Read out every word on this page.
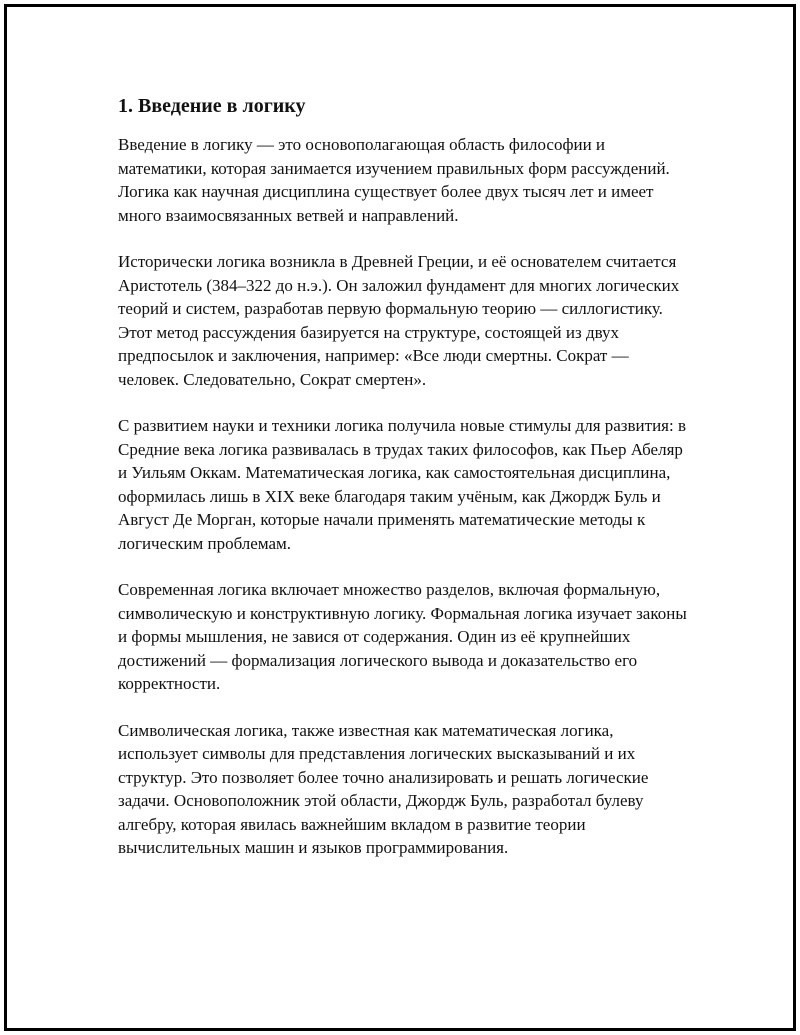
1. Введение в логику

Введение в логику — это основополагающая область философии и математики, которая занимается изучением правильных форм рассуждений. Логика как научная дисциплина существует более двух тысяч лет и имеет много взаимосвязанных ветвей и направлений.

Исторически логика возникла в Древней Греции, и её основателем считается Аристотель (384–322 до н.э.). Он заложил фундамент для многих логических теорий и систем, разработав первую формальную теорию — силлогистику. Этот метод рассуждения базируется на структуре, состоящей из двух предпосылок и заключения, например: «Все люди смертны. Сократ — человек. Следовательно, Сократ смертен».

С развитием науки и техники логика получила новые стимулы для развития: в Средние века логика развивалась в трудах таких философов, как Пьер Абеляр и Уильям Оккам. Математическая логика, как самостоятельная дисциплина, оформилась лишь в XIX веке благодаря таким учёным, как Джордж Буль и Август Де Морган, которые начали применять математические методы к логическим проблемам.

Современная логика включает множество разделов, включая формальную, символическую и конструктивную логику. Формальная логика изучает законы и формы мышления, не завися от содержания. Один из её крупнейших достижений — формализация логического вывода и доказательство его корректности.

Символическая логика, также известная как математическая логика, использует символы для представления логических высказываний и их структур. Это позволяет более точно анализировать и решать логические задачи. Основоположник этой области, Джордж Буль, разработал булеву алгебру, которая явилась важнейшим вкладом в развитие теории вычислительных машин и языков программирования.
